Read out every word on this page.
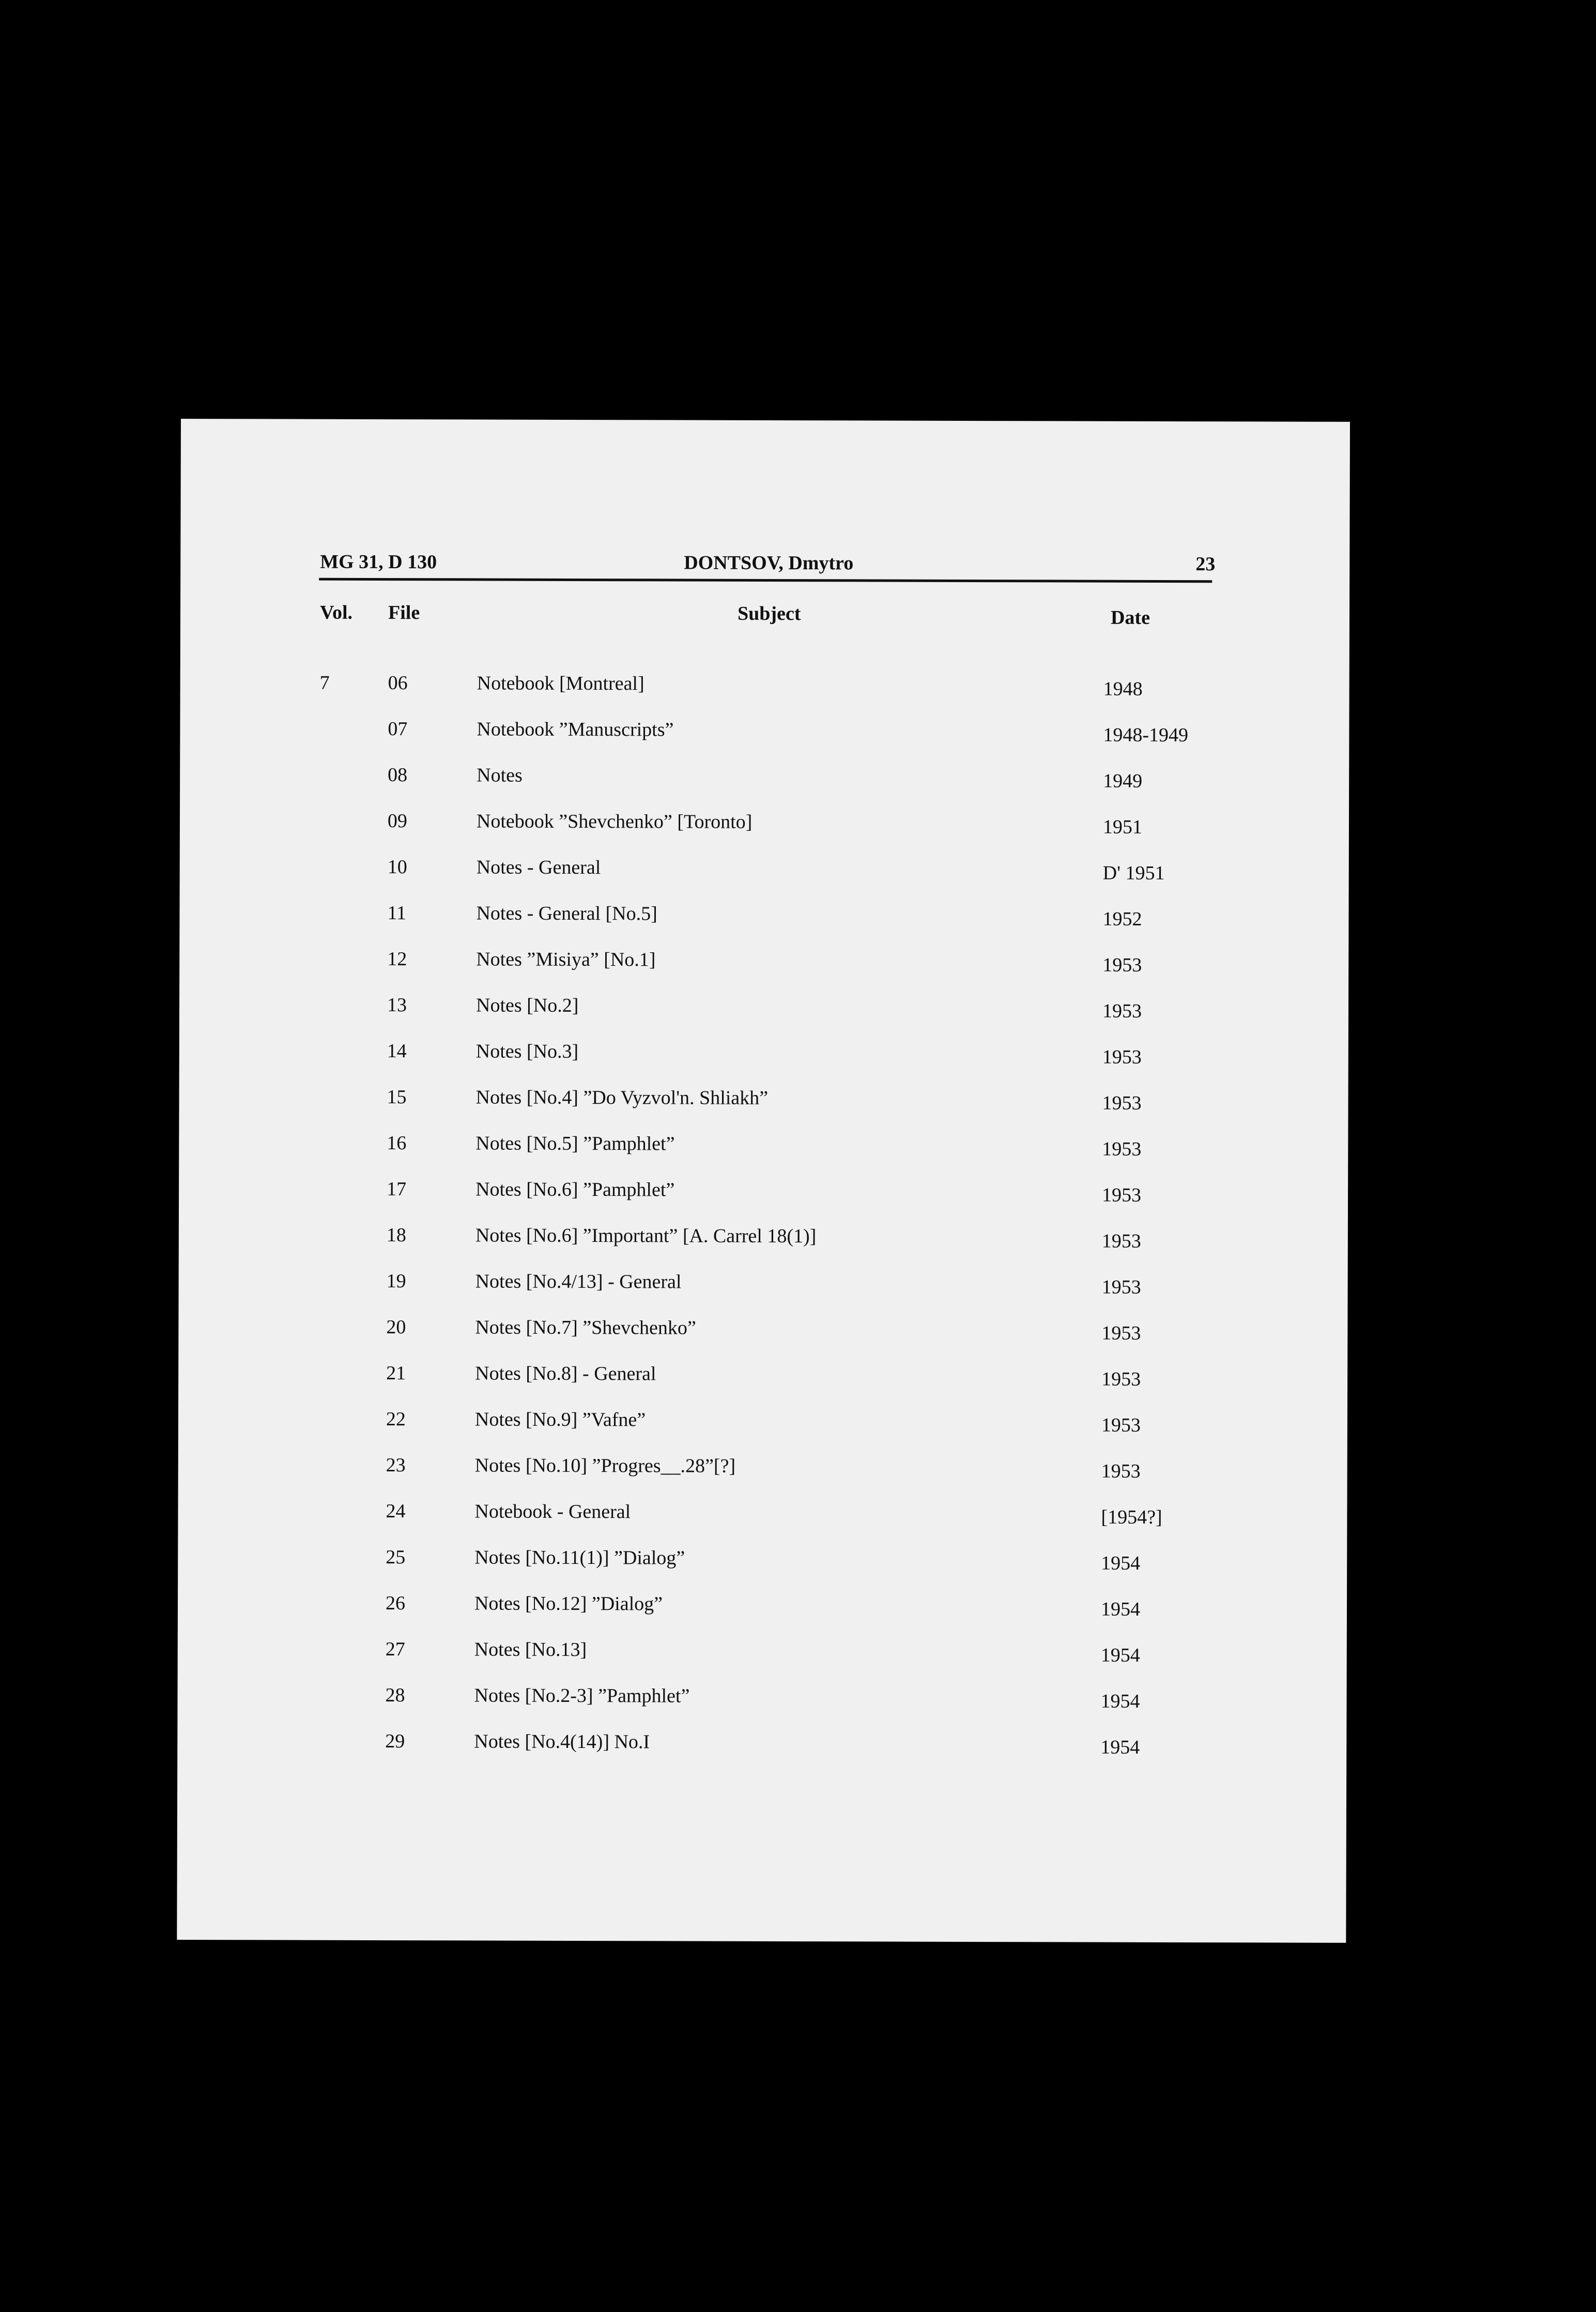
MG 31, D 130	DONTSOV, Dmytro	23
Vol. File	Subject	Date
7	06	Notebook [Montreal]	1948
07	Notebook ”Manuscripts”	1948-1949
08	Notes	1949
09	Notebook ”Shevchenko” [Toronto]	1951
10	Notes - General	D' 1951
11	Notes - General [No.5]	1952
12	Notes ”Misiya” [No.1]	1953
13	Notes [No.2]	1953
14	Notes [No.3]	1953
15	Notes [No.4] ”Do Vyzvol'n. Shliakh”	1953
16	Notes [No.5] ”Pamphlet”	1953
17	Notes [No.6] ”Pamphlet”	1953
18	Notes [No.6] ”Important” [A. Carrel 18(1)]	1953
19	Notes [No.4/13] - General	1953
20	Notes [No.7] ”Shevchenko”	1953
21	Notes [No.8] - General	1953
22	Notes [No.9] ”Vafne”	1953
23	Notes [No.10] ”Progres__.28”[?]	1953
24	Notebook - General	[1954?]
25	Notes [No.11(1)] ”Dialog”	1954
26	Notes [No.12] ”Dialog”	1954
27	Notes [No.13]	1954
28	Notes [No.2-3] ”Pamphlet”	1954
29	Notes [No.4(14)] No.I	1954
